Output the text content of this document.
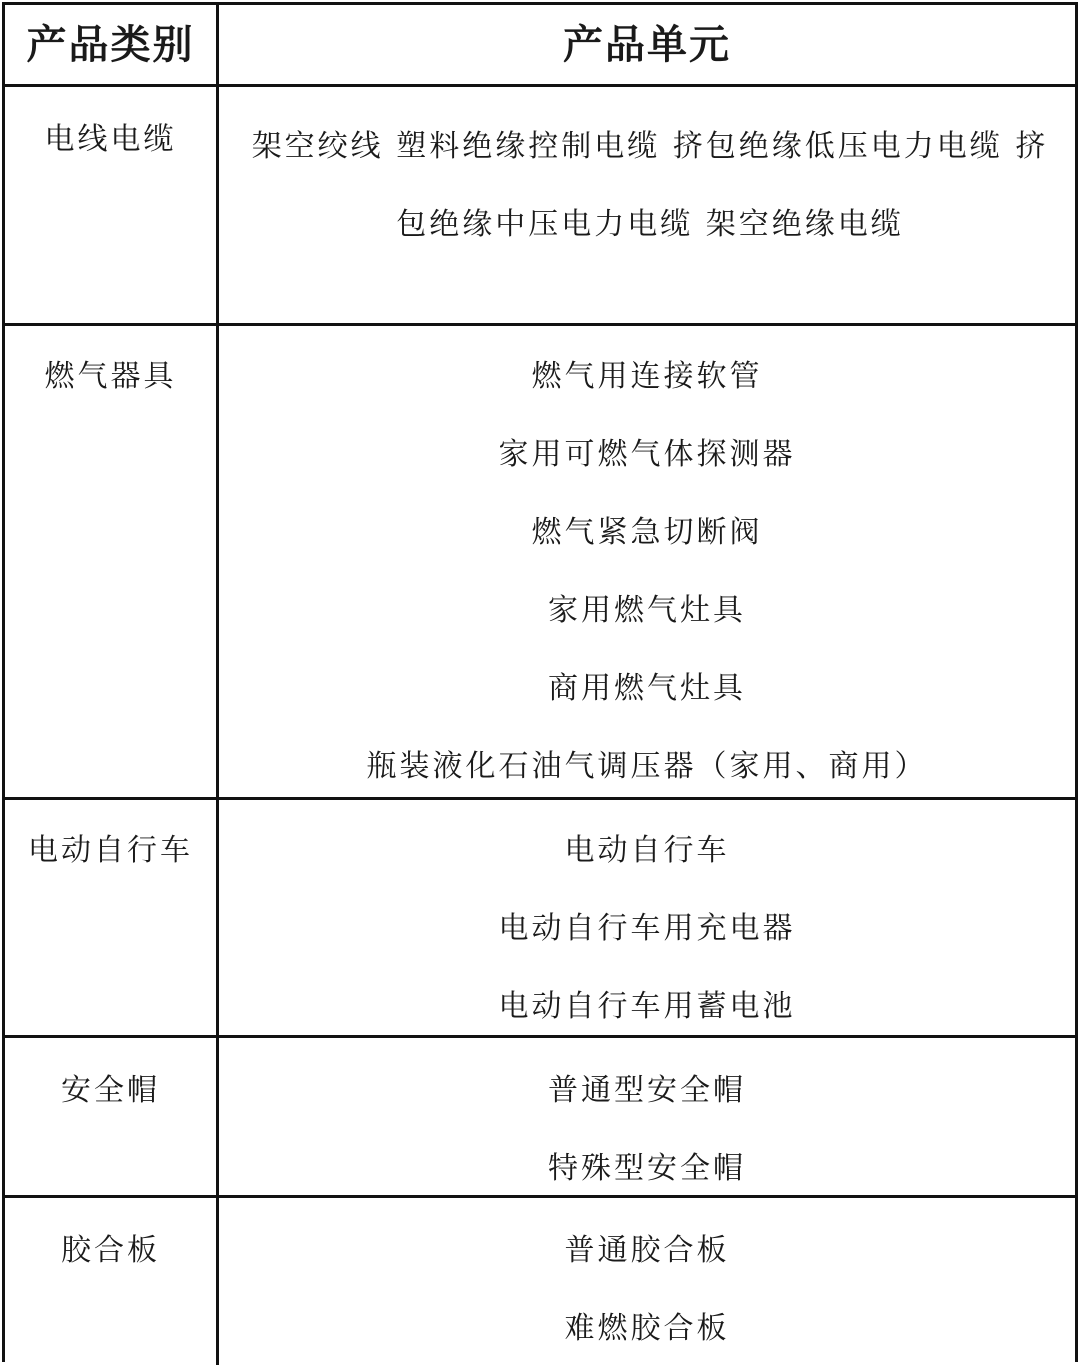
产品类别	产品单元
电线电缆	架空绞线 塑料绝缘控制电缆 挤包绝缘低压电力电缆 挤包绝缘中压电力电缆 架空绝缘电缆
燃气器具	燃气用连接软管
家用可燃气体探测器
燃气紧急切断阀
家用燃气灶具
商用燃气灶具
瓶装液化石油气调压器（家用、商用）
电动自行车	电动自行车
电动自行车用充电器
电动自行车用蓄电池
安全帽	普通型安全帽
特殊型安全帽
胶合板	普通胶合板
难燃胶合板
